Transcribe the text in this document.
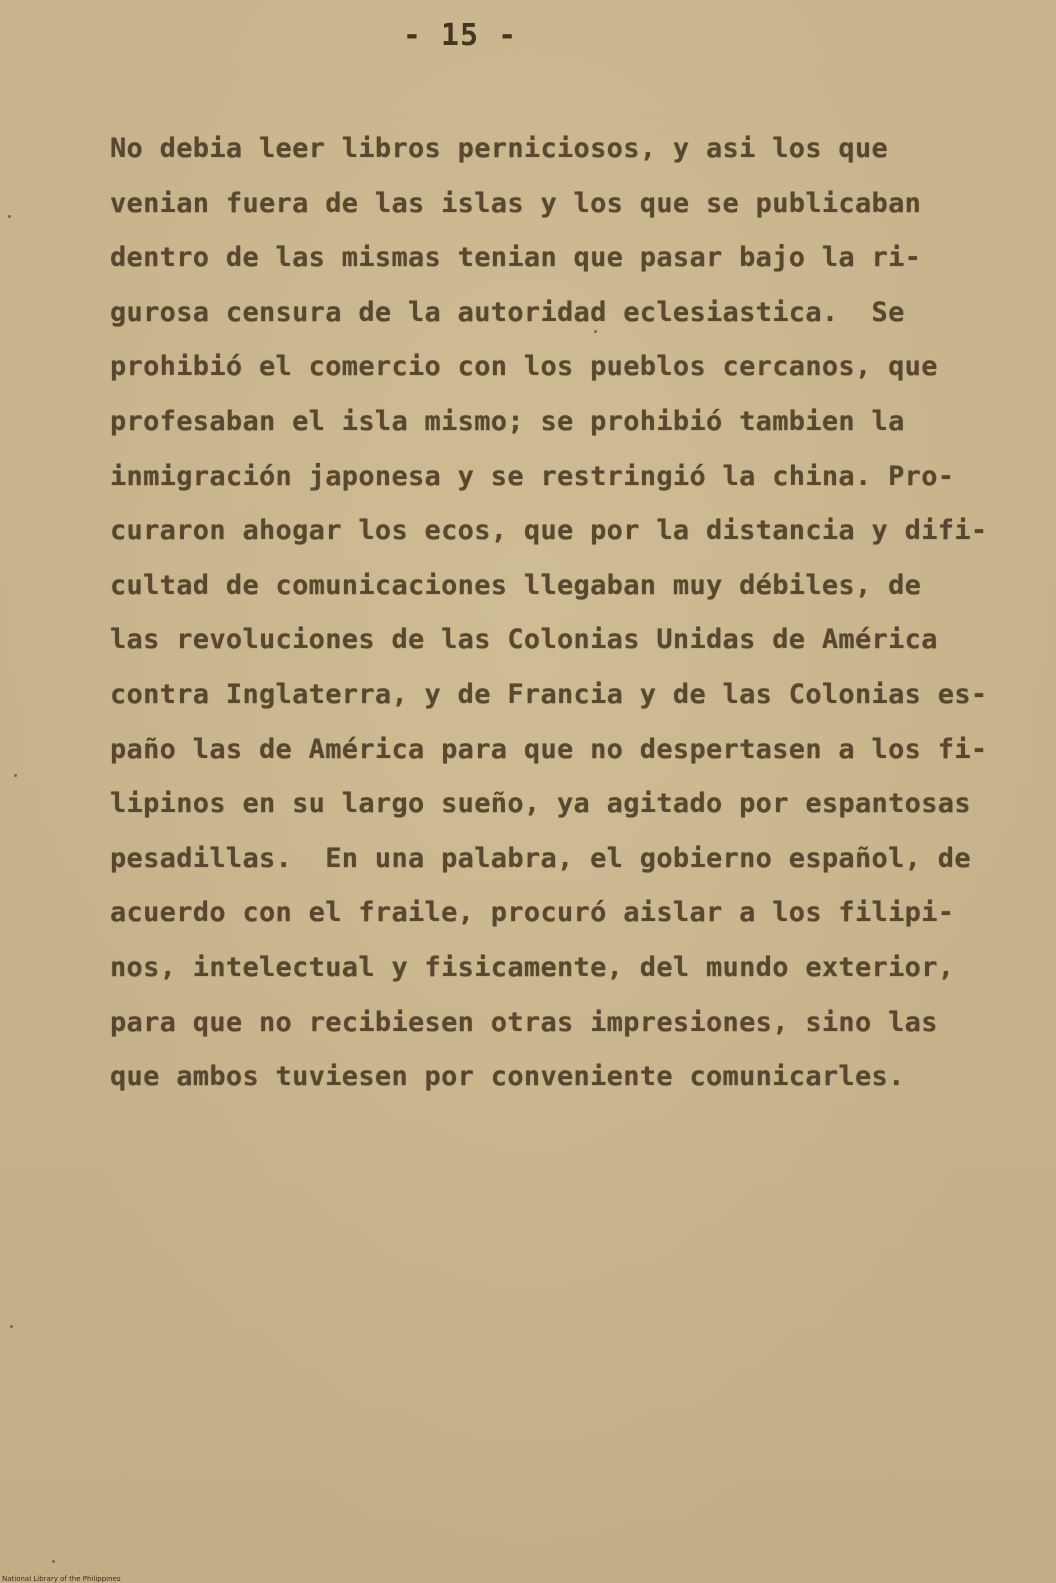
- 15 -
No debia leer libros perniciosos, y asi los que
venian fuera de las islas y los que se publicaban
dentro de las mismas tenian que pasar bajo la ri-
gurosa censura de la autoridad eclesiastica.  Se
prohibió el comercio con los pueblos cercanos, que
profesaban el isla mismo; se prohibió tambien la
inmigración japonesa y se restringió la china. Pro-
curaron ahogar los ecos, que por la distancia y difi-
cultad de comunicaciones llegaban muy débiles, de
las revoluciones de las Colonias Unidas de América
contra Inglaterra, y de Francia y de las Colonias es-
paño las de América para que no despertasen a los fi-
lipinos en su largo sueño, ya agitado por espantosas
pesadillas.  En una palabra, el gobierno español, de
acuerdo con el fraile, procuró aislar a los filipi-
nos, intelectual y fisicamente, del mundo exterior,
para que no recibiesen otras impresiones, sino las
que ambos tuviesen por conveniente comunicarles.
National Library of the Philippines
